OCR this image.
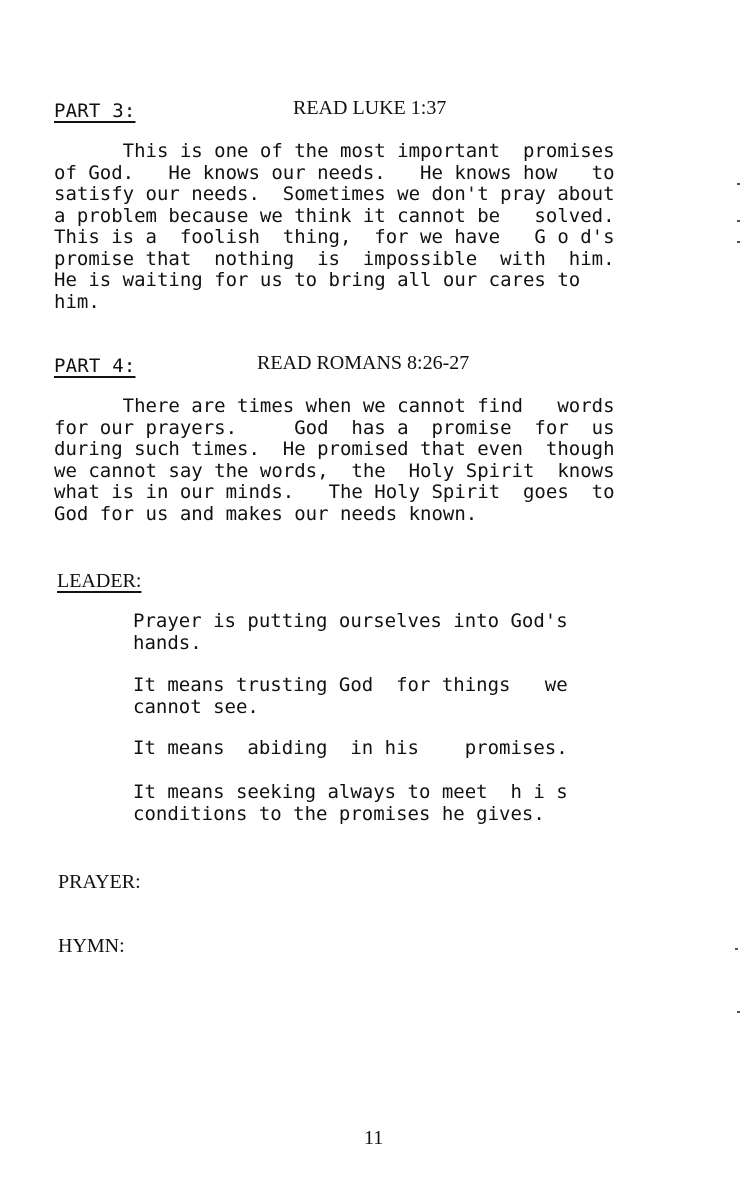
PART 3:	READ LUKE 1:37
This is one of the most important  promises
of God.   He knows our needs.   He knows how   to
satisfy our needs.  Sometimes we don't pray about
a problem because we think it cannot be   solved.
This is a  foolish  thing,  for we have   G o d's
promise that  nothing  is  impossible  with  him.
He is waiting for us to bring all our cares to
him.
PART 4:	READ ROMANS 8:26-27
There are times when we cannot find   words
for our prayers.     God  has a  promise  for  us
during such times.  He promised that even  though
we cannot say the words,  the  Holy Spirit  knows
what is in our minds.   The Holy Spirit  goes  to
God for us and makes our needs known.
LEADER:
Prayer is putting ourselves into God's
hands.
It means trusting God  for things   we
cannot see.
It means  abiding  in his    promises.
It means seeking always to meet  h i s
conditions to the promises he gives.
PRAYER:
HYMN:
11
